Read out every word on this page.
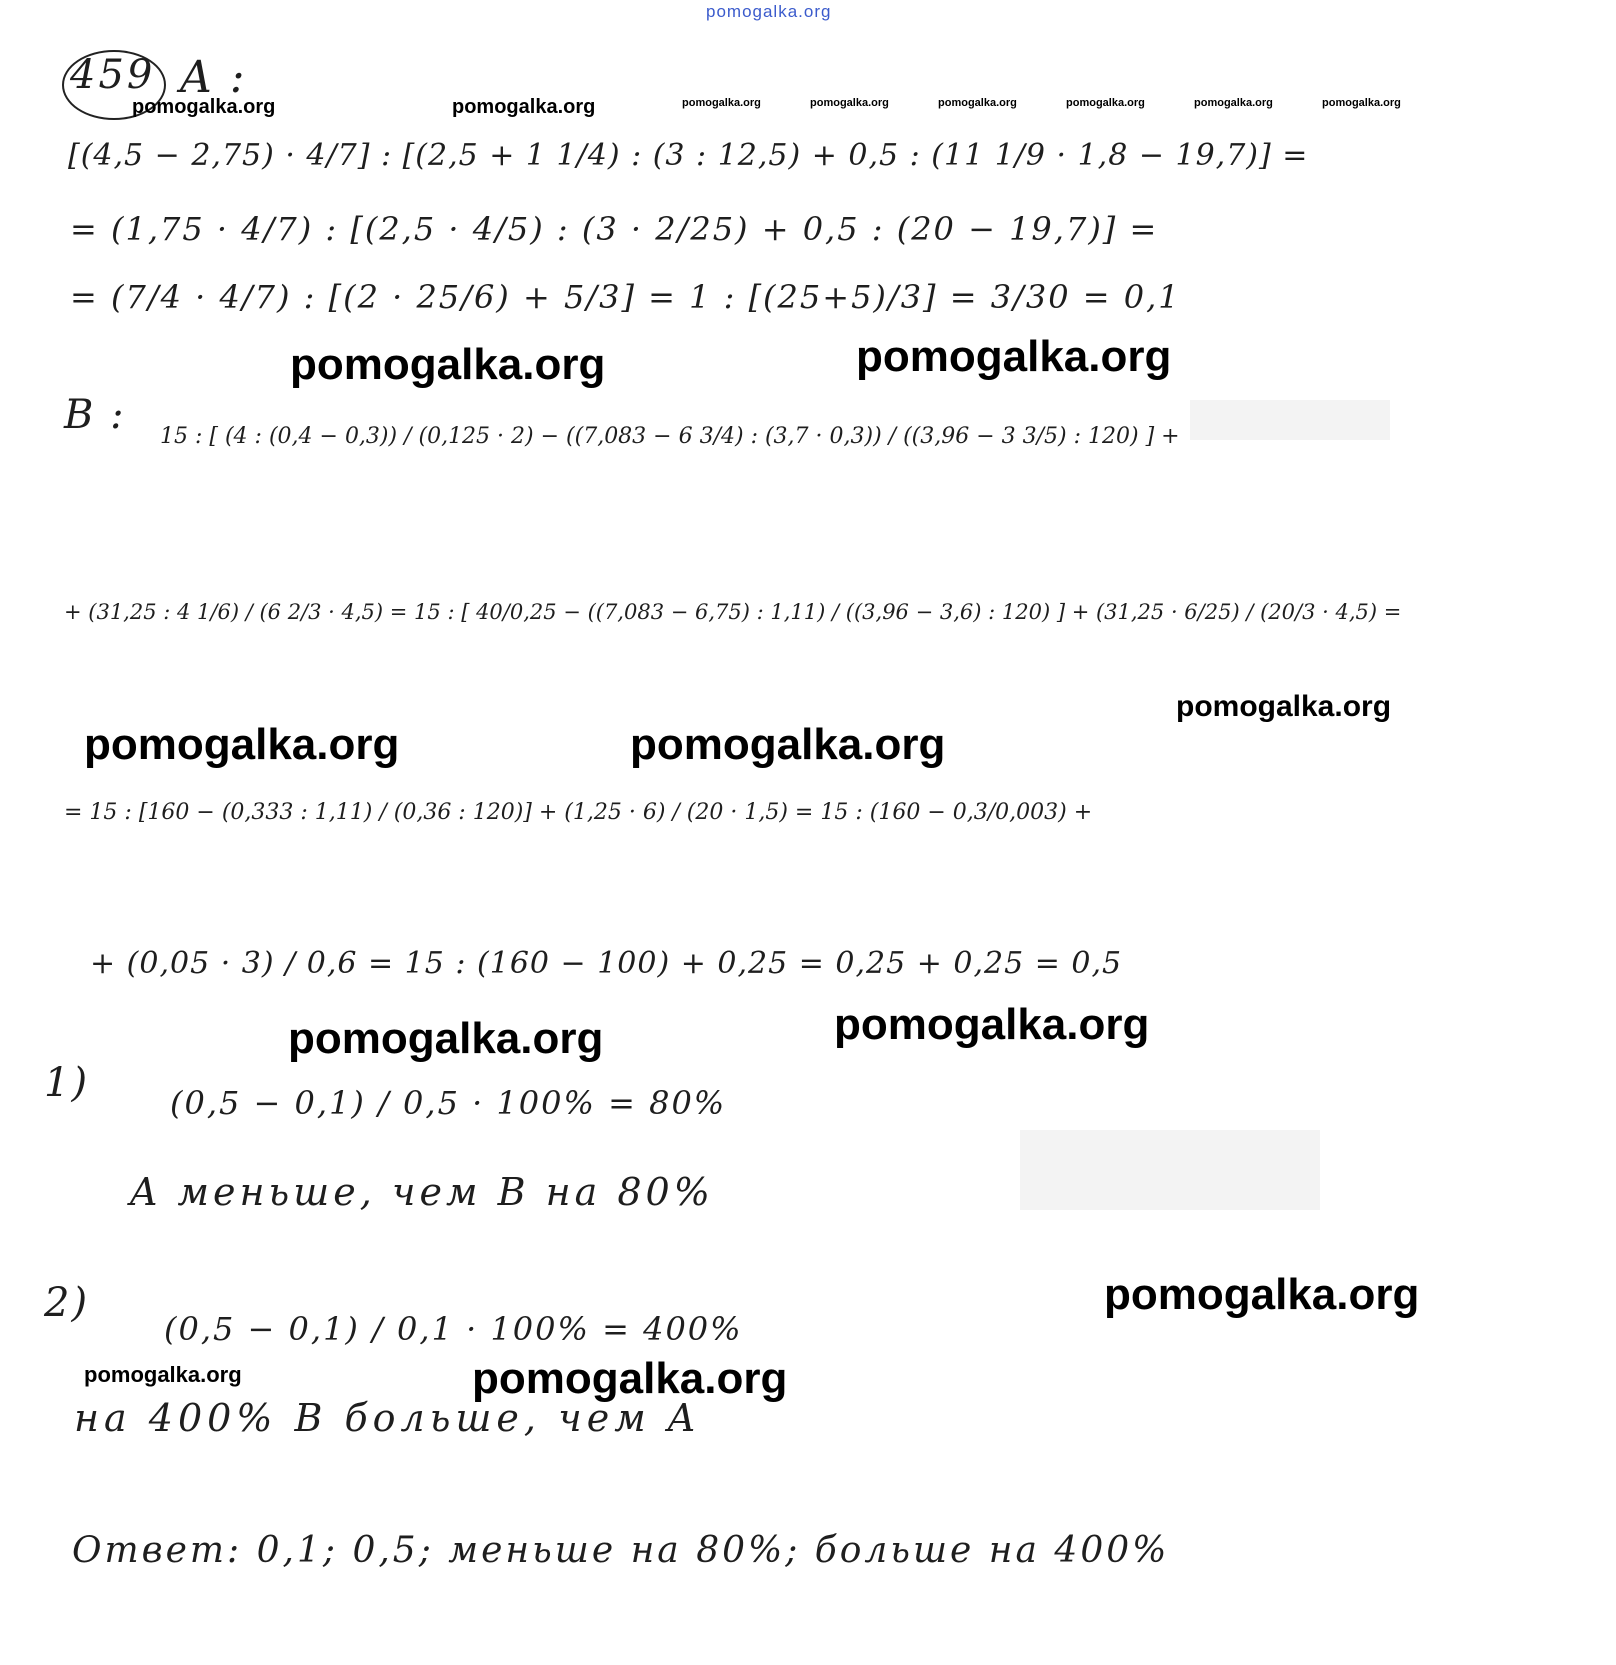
pomogalka.org
459 A :
pomogalka.org	pomogalka.org	pomogalka.org	pomogalka.org	pomogalka.org	pomogalka.org	pomogalka.org	pomogalka.org
[(4,5 − 2,75) · 4/7] : [(2,5 + 1 1/4) : (3 : 12,5) + 0,5 : (11 1/9 · 1,8 − 19,7)] =
= (1,75 · 4/7) : [(2,5 · 4/5) : (3 · 2/25) + 0,5 : (20 − 19,7)] =
= (7/4 · 4/7) : [(2 · 25/6) + 5/3] = 1 : [(25+5)/3] = 3/30 = 0,1
pomogalka.org	pomogalka.org
B : 15 : [ (4 : (0,4 − 0,3)) / (0,125 · 2) − ((7,083 − 6 3/4) : (3,7 · 0,3)) / ((3,96 − 3 3/5) : 120) ] +
+ (31,25 : 4 1/6) / (6 2/3 · 4,5) = 15 : [ 40/0,25 − ((7,083 − 6,75) : 1,11) / ((3,96 − 3,6) : 120) ] + (31,25 · 6/25) / (20/3 · 4,5) =
pomogalka.org
pomogalka.org	pomogalka.org
= 15 : [160 − (0,333 : 1,11) / (0,36 : 120)] + (1,25 · 6) / (20 · 1,5) = 15 : (160 − 0,3/0,003) +
+ (0,05 · 3) / 0,6 = 15 : (160 − 100) + 0,25 = 0,25 + 0,25 = 0,5
pomogalka.org	pomogalka.org
1)	(0,5 − 0,1) / 0,5 · 100% = 80%
A меньше, чем B на 80%
2)
(0,5 − 0,1) / 0,1 · 100% = 400%
pomogalka.org
pomogalka.org	pomogalka.org
на 400% B больше, чем A
Ответ: 0,1; 0,5; меньше на 80%; больше на 400%
